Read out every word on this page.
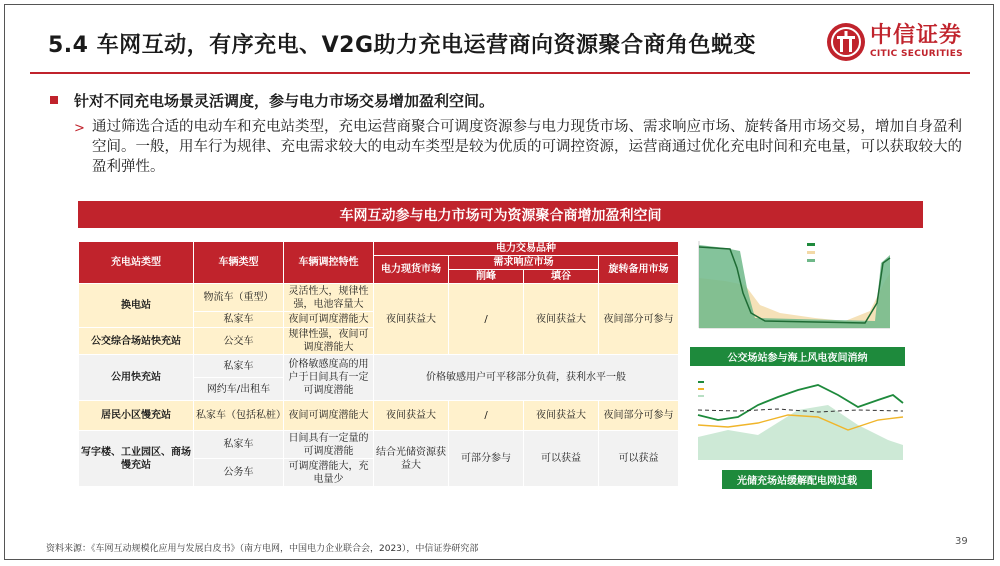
5.4 车网互动，有序充电、V2G助力充电运营商向资源聚合商角色蜕变	中信证券
CITIC SECURITIES
针对不同充电场景灵活调度，参与电力市场交易增加盈利空间。
> 通过筛选合适的电动车和充电站类型，充电运营商聚合可调度资源参与电力现货市场、需求响应市场、旋转备用市场交易，增加自身盈利空间。一般，用车行为规律、充电需求较大的电动车类型是较为优质的可调控资源，运营商通过优化充电时间和充电量，可以获取较大的盈利弹性。
车网互动参与电力市场可为资源聚合商增加盈利空间
充电站类型	车辆类型	车辆调控特性	电力交易品种			
			电力现货市场	需求响应市场		旋转备用市场
				削峰	填谷	
换电站	物流车（重型）	灵活性大，规律性强，电池容量大	夜间获益大	/	夜间获益大	夜间部分可参与
	私家车	夜间可调度潜能大				
公交综合场站快充站	公交车	规律性强，夜间可调度潜能大				
公用快充站	私家车	价格敏感度高的用户于日间具有一定可调度潜能	价格敏感用户可平移部分负荷，获利水平一般			
	网约车/出租车					
居民小区慢充站	私家车（包括私桩）	夜间可调度潜能大	夜间获益大	/	夜间获益大	夜间部分可参与
写字楼、工业园区、商场慢充站	私家车	日间具有一定量的可调度潜能	结合光储资源获益大	可部分参与	可以获益	可以获益
	公务车	可调度潜能大，充电量少				
公交场站参与海上风电夜间消纳
光储充场站缓解配电网过载
资料来源：《车网互动规模化应用与发展白皮书》（南方电网，中国电力企业联合会，2023），中信证券研究部
39
